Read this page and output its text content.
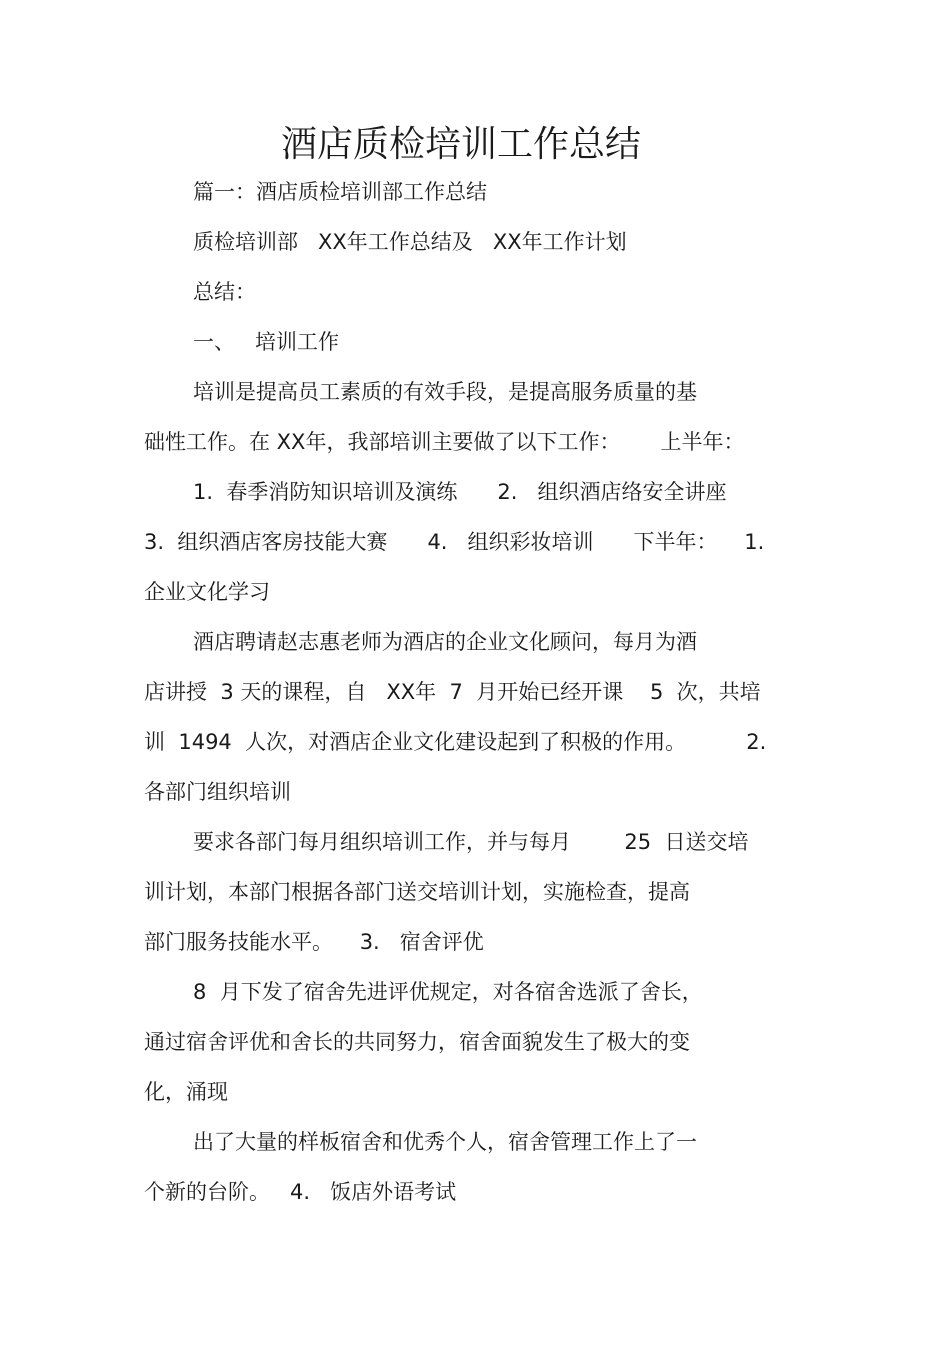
酒店质检培训工作总结
篇一：酒店质检培训部工作总结
质检培训部   XX年工作总结及   XX年工作计划
总结：
一、   培训工作
培训是提高员工素质的有效手段，是提高服务质量的基
础性工作。在 XX年，我部培训主要做了以下工作：      上半年：
1.  春季消防知识培训及演练      2.   组织酒店络安全讲座
3.  组织酒店客房技能大赛      4.   组织彩妆培训      下半年：    1.
企业文化学习
酒店聘请赵志惠老师为酒店的企业文化顾问，每月为酒
店讲授  3 天的课程，自   XX年  7  月开始已经开课    5  次，共培
训  1494  人次，对酒店企业文化建设起到了积极的作用。         2.
各部门组织培训
要求各部门每月组织培训工作，并与每月        25  日送交培
训计划，本部门根据各部门送交培训计划，实施检查，提高
部门服务技能水平。    3.   宿舍评优
8  月下发了宿舍先进评优规定，对各宿舍选派了舍长，
通过宿舍评优和舍长的共同努力，宿舍面貌发生了极大的变
化，涌现
出了大量的样板宿舍和优秀个人，宿舍管理工作上了一
个新的台阶。   4.   饭店外语考试
